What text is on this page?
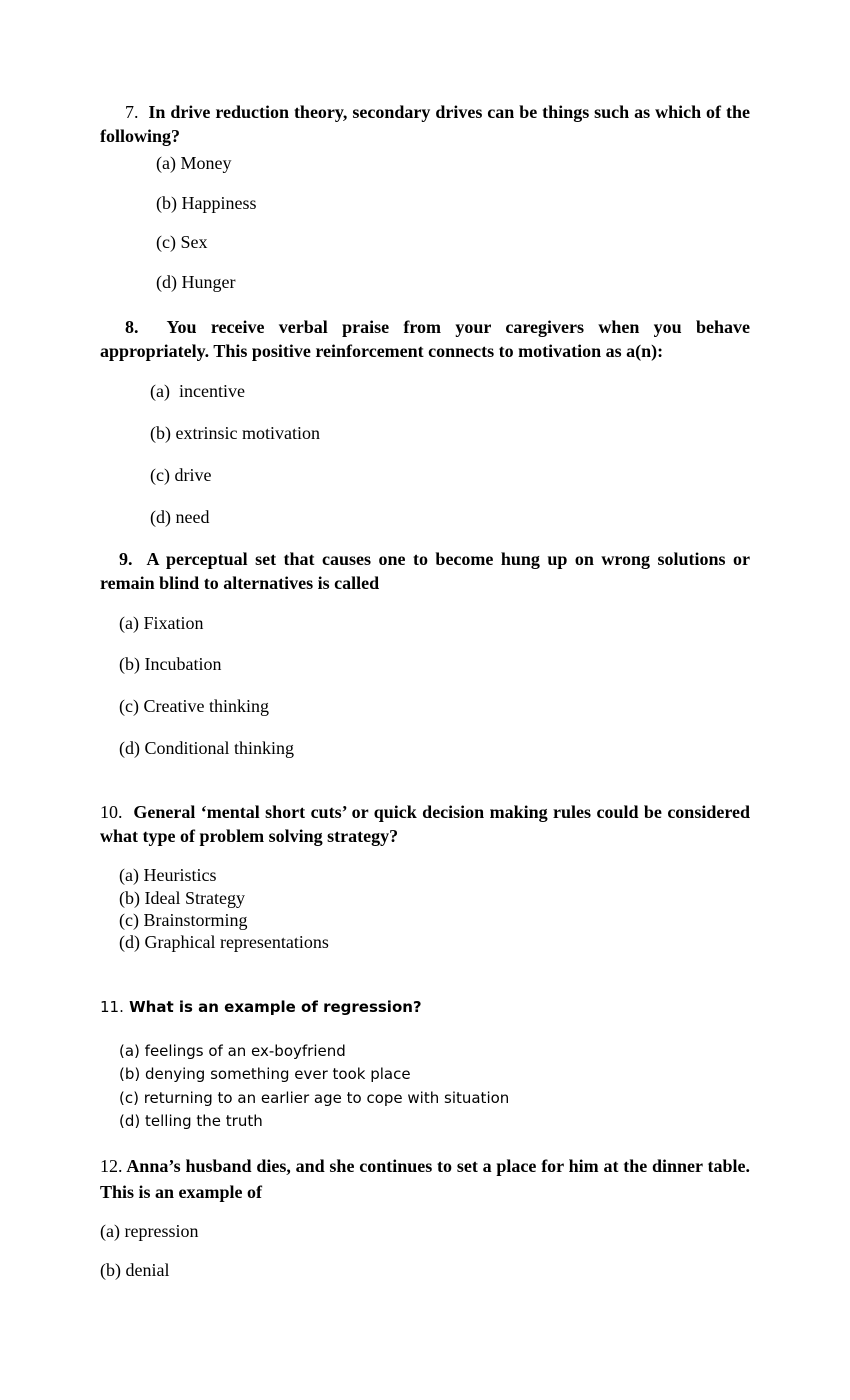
7. In drive reduction theory, secondary drives can be things such as which of the following?
(a) Money
(b) Happiness
(c) Sex
(d) Hunger
8. You receive verbal praise from your caregivers when you behave appropriately. This positive reinforcement connects to motivation as a(n):
(a)  incentive
(b) extrinsic motivation
(c) drive
(d) need
9. A perceptual set that causes one to become hung up on wrong solutions or remain blind to alternatives is called
(a) Fixation
(b) Incubation
(c) Creative thinking
(d) Conditional thinking
10. General ‘mental short cuts’ or quick decision making rules could be considered what type of problem solving strategy?
(a) Heuristics
(b) Ideal Strategy
(c) Brainstorming
(d) Graphical representations
11. What is an example of regression?
(a) feelings of an ex-boyfriend
(b) denying something ever took place
(c) returning to an earlier age to cope with situation
(d) telling the truth
12. Anna’s husband dies, and she continues to set a place for him at the dinner table. This is an example of
(a) repression
(b) denial
